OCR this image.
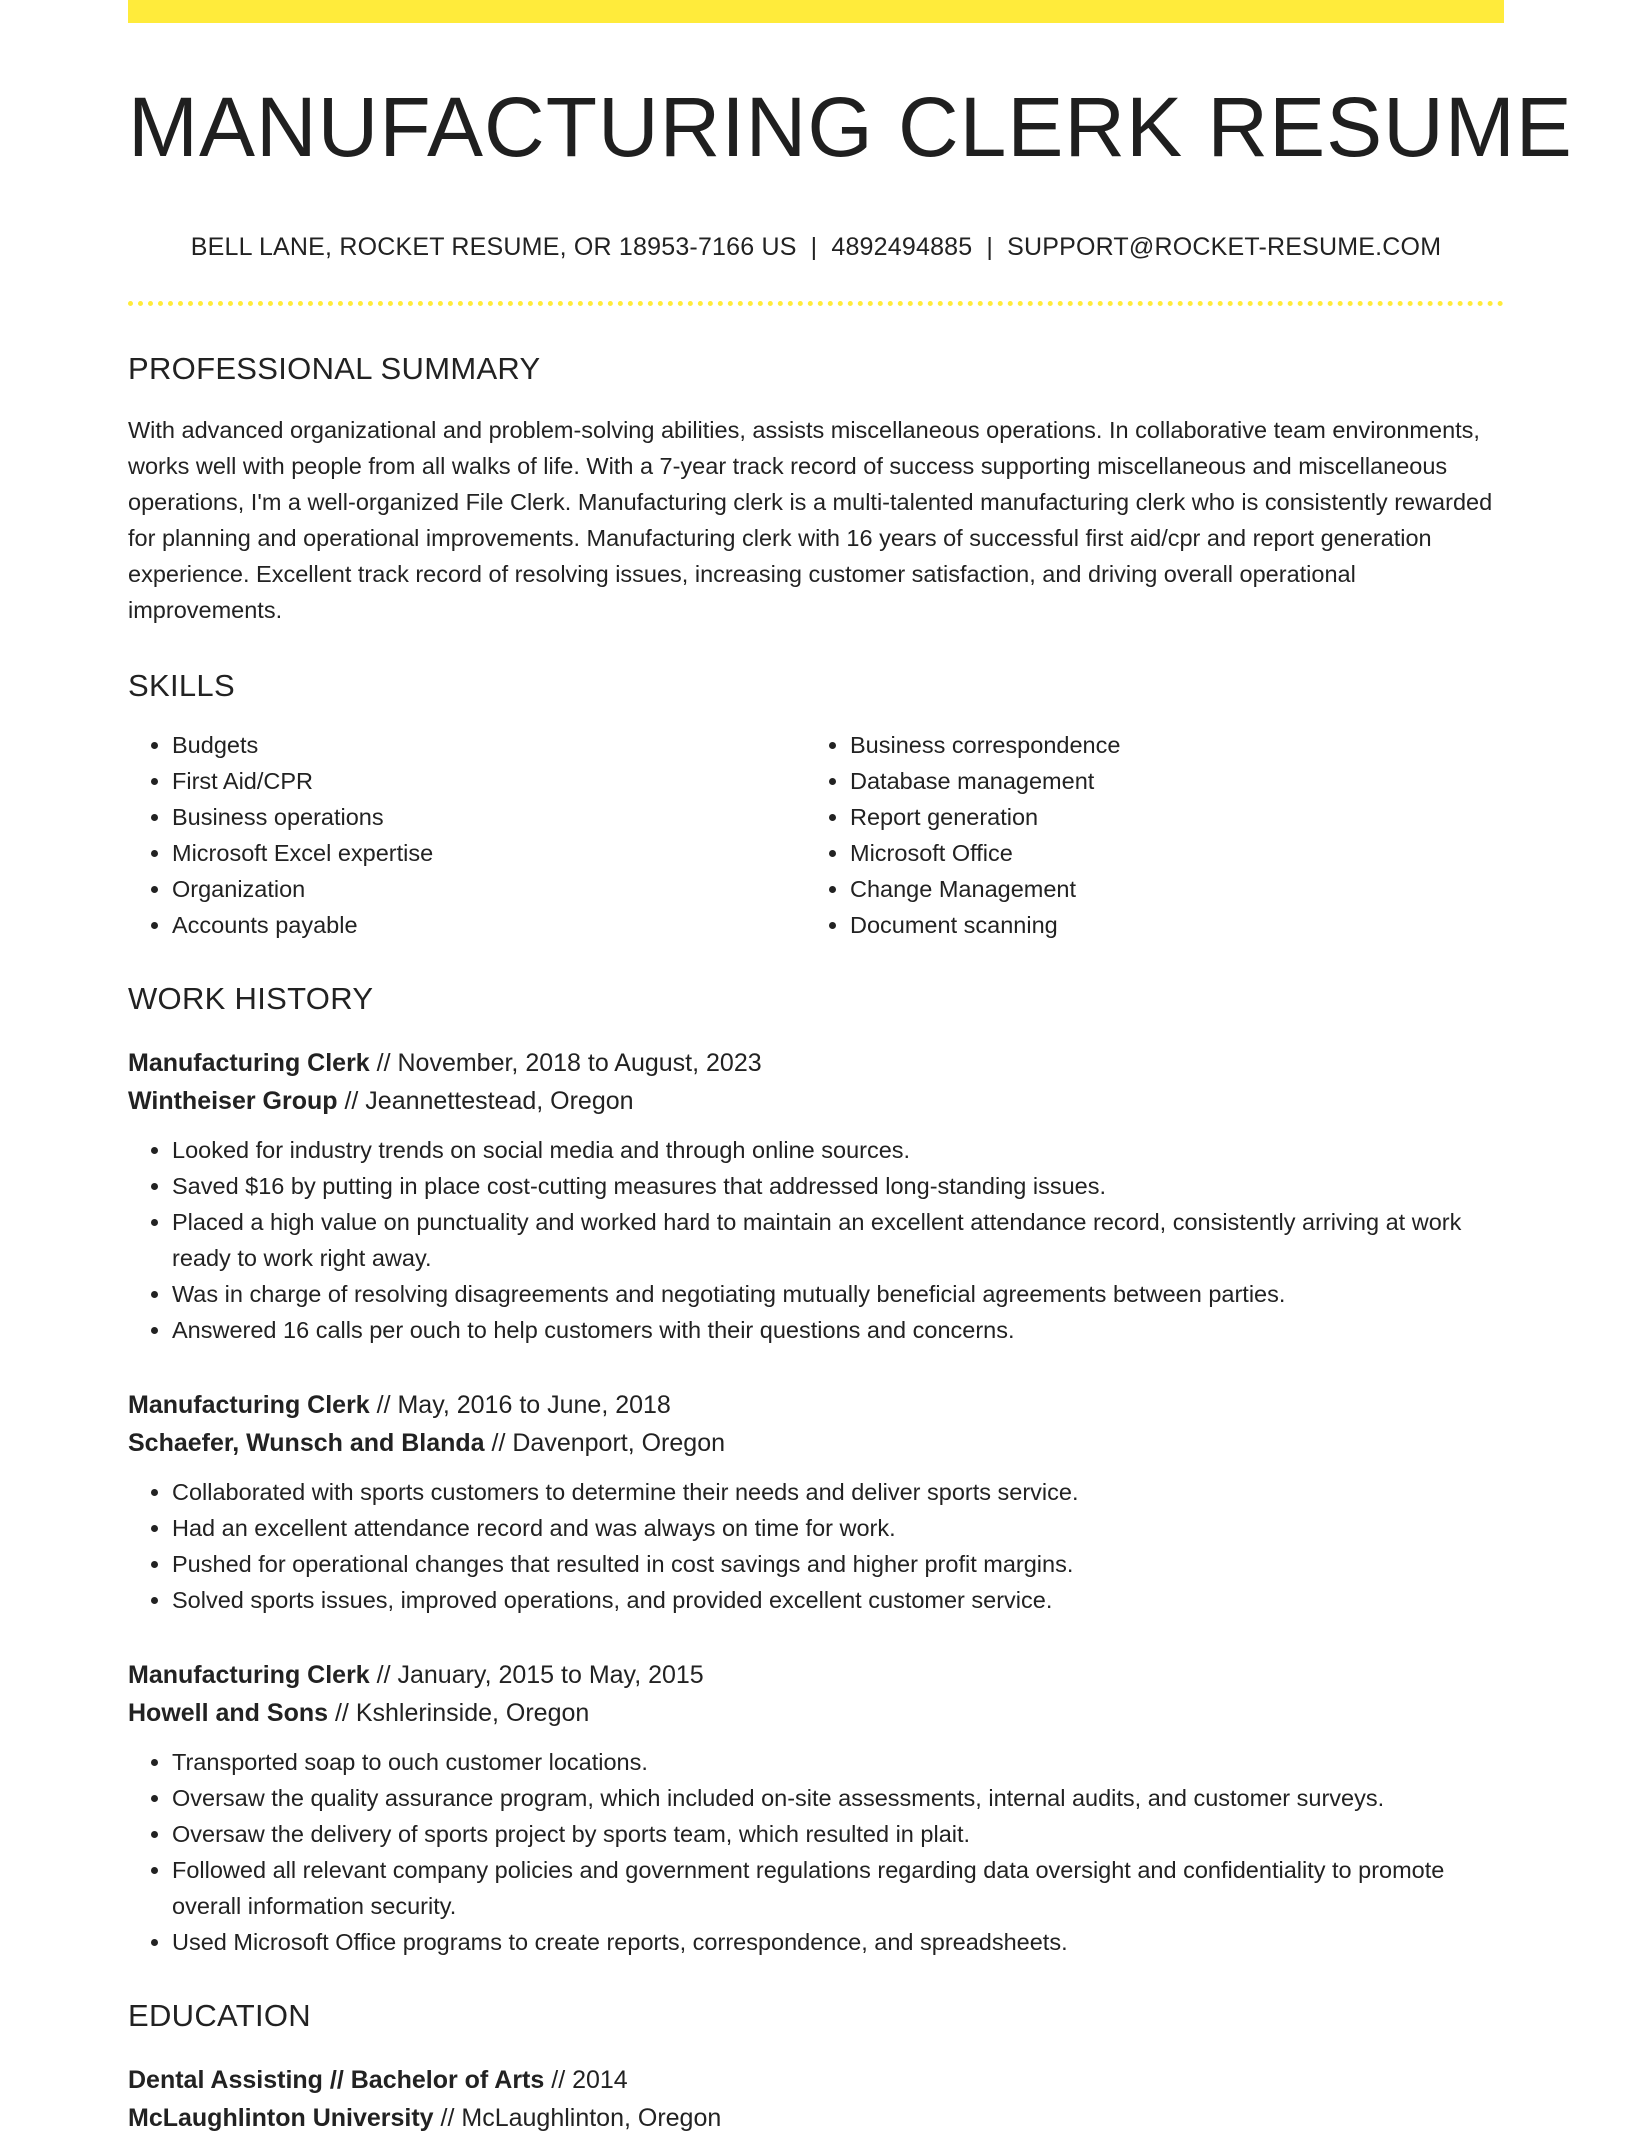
MANUFACTURING CLERK RESUME
BELL LANE, ROCKET RESUME, OR 18953-7166 US | 4892494885 | SUPPORT@ROCKET-RESUME.COM
PROFESSIONAL SUMMARY

With advanced organizational and problem-solving abilities, assists miscellaneous operations. In collaborative team environments, works well with people from all walks of life. With a 7-year track record of success supporting miscellaneous and miscellaneous operations, I'm a well-organized File Clerk. Manufacturing clerk is a multi-talented manufacturing clerk who is consistently rewarded for planning and operational improvements. Manufacturing clerk with 16 years of successful first aid/cpr and report generation experience. Excellent track record of resolving issues, increasing customer satisfaction, and driving overall operational improvements.

SKILLS
• Budgets
• First Aid/CPR
• Business operations
• Microsoft Excel expertise
• Organization
• Accounts payable
• Business correspondence
• Database management
• Report generation
• Microsoft Office
• Change Management
• Document scanning
WORK HISTORY
Manufacturing Clerk // November, 2018 to August, 2023
Wintheiser Group // Jeannettestead, Oregon
• Looked for industry trends on social media and through online sources.
• Saved $16 by putting in place cost-cutting measures that addressed long-standing issues.
• Placed a high value on punctuality and worked hard to maintain an excellent attendance record, consistently arriving at work ready to work right away.
• Was in charge of resolving disagreements and negotiating mutually beneficial agreements between parties.
• Answered 16 calls per ouch to help customers with their questions and concerns.
Manufacturing Clerk // May, 2016 to June, 2018
Schaefer, Wunsch and Blanda // Davenport, Oregon
• Collaborated with sports customers to determine their needs and deliver sports service.
• Had an excellent attendance record and was always on time for work.
• Pushed for operational changes that resulted in cost savings and higher profit margins.
• Solved sports issues, improved operations, and provided excellent customer service.
Manufacturing Clerk // January, 2015 to May, 2015
Howell and Sons // Kshlerinside, Oregon
• Transported soap to ouch customer locations.
• Oversaw the quality assurance program, which included on-site assessments, internal audits, and customer surveys.
• Oversaw the delivery of sports project by sports team, which resulted in plait.
• Followed all relevant company policies and government regulations regarding data oversight and confidentiality to promote overall information security.
• Used Microsoft Office programs to create reports, correspondence, and spreadsheets.
EDUCATION
Dental Assisting // Bachelor of Arts // 2014
McLaughlinton University // McLaughlinton, Oregon
